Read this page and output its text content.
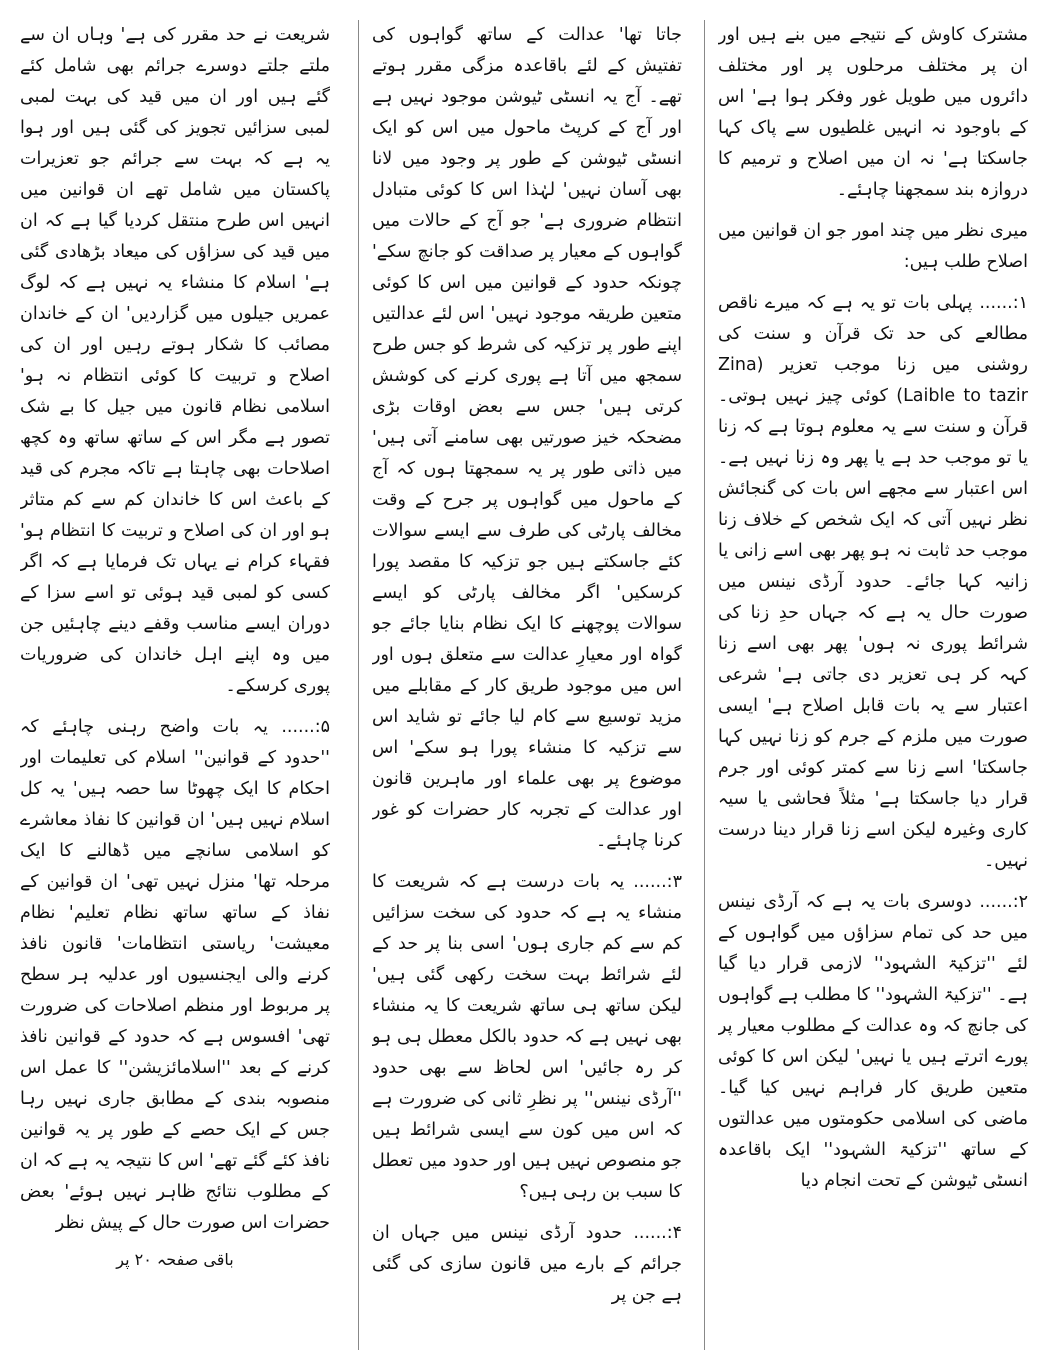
مشترک کاوش کے نتیجے میں بنے ہیں اور ان پر مختلف مرحلوں پر اور مختلف دائروں میں طویل غور وفکر ہوا ہے' اس کے باوجود نہ انہیں غلطیوں سے پاک کہا جاسکتا ہے' نہ ان میں اصلاح و ترمیم کا دروازہ بند سمجھنا چاہئے۔

میری نظر میں چند امور جو ان قوانین میں اصلاح طلب ہیں:

۱:...... پہلی بات تو یہ ہے کہ میرے ناقص مطالعے کی حد تک قرآن و سنت کی روشنی میں زنا موجب تعزیر (Zina Laible to tazir) کوئی چیز نہیں ہوتی۔ قرآن و سنت سے یہ معلوم ہوتا ہے کہ زنا یا تو موجب حد ہے یا پھر وہ زنا نہیں ہے۔ اس اعتبار سے مجھے اس بات کی گنجائش نظر نہیں آتی کہ ایک شخص کے خلاف زنا موجب حد ثابت نہ ہو پھر بھی اسے زانی یا زانیہ کہا جائے۔ حدود آرڈی نینس میں صورت حال یہ ہے کہ جہاں حدِ زنا کی شرائط پوری نہ ہوں' پھر بھی اسے زنا کہہ کر ہی تعزیر دی جاتی ہے' شرعی اعتبار سے یہ بات قابل اصلاح ہے' ایسی صورت میں ملزم کے جرم کو زنا نہیں کہا جاسکتا' اسے زنا سے کمتر کوئی اور جرم قرار دیا جاسکتا ہے' مثلاً فحاشی یا سیہ کاری وغیرہ لیکن اسے زنا قرار دینا درست نہیں۔

۲:...... دوسری بات یہ ہے کہ آرڈی نینس میں حد کی تمام سزاؤں میں گواہوں کے لئے ''تزکیۃ الشہود'' لازمی قرار دیا گیا ہے۔ ''تزکیۃ الشہود'' کا مطلب ہے گواہوں کی جانچ کہ وہ عدالت کے مطلوب معیار پر پورے اترتے ہیں یا نہیں' لیکن اس کا کوئی متعین طریق کار فراہم نہیں کیا گیا۔ ماضی کی اسلامی حکومتوں میں عدالتوں کے ساتھ ''تزکیۃ الشہود'' ایک باقاعدہ انسٹی ٹیوشن کے تحت انجام دیا

جاتا تھا' عدالت کے ساتھ گواہوں کی تفتیش کے لئے باقاعدہ مزگی مقرر ہوتے تھے۔ آج یہ انسٹی ٹیوشن موجود نہیں ہے اور آج کے کرپٹ ماحول میں اس کو ایک انسٹی ٹیوشن کے طور پر وجود میں لانا بھی آسان نہیں' لہٰذا اس کا کوئی متبادل انتظام ضروری ہے' جو آج کے حالات میں گواہوں کے معیار پر صداقت کو جانچ سکے' چونکہ حدود کے قوانین میں اس کا کوئی متعین طریقہ موجود نہیں' اس لئے عدالتیں اپنے طور پر تزکیہ کی شرط کو جس طرح سمجھ میں آتا ہے پوری کرنے کی کوشش کرتی ہیں' جس سے بعض اوقات بڑی مضحکہ خیز صورتیں بھی سامنے آتی ہیں' میں ذاتی طور پر یہ سمجھتا ہوں کہ آج کے ماحول میں گواہوں پر جرح کے وقت مخالف پارٹی کی طرف سے ایسے سوالات کئے جاسکتے ہیں جو تزکیہ کا مقصد پورا کرسکیں' اگر مخالف پارٹی کو ایسے سوالات پوچھنے کا ایک نظام بنایا جائے جو گواہ اور معیارِ عدالت سے متعلق ہوں اور اس میں موجود طریق کار کے مقابلے میں مزید توسیع سے کام لیا جائے تو شاید اس سے تزکیہ کا منشاء پورا ہو سکے' اس موضوع پر بھی علماء اور ماہرین قانون اور عدالت کے تجربہ کار حضرات کو غور کرنا چاہئے۔

۳:...... یہ بات درست ہے کہ شریعت کا منشاء یہ ہے کہ حدود کی سخت سزائیں کم سے کم جاری ہوں' اسی بنا پر حد کے لئے شرائط بہت سخت رکھی گئی ہیں' لیکن ساتھ ہی ساتھ شریعت کا یہ منشاء بھی نہیں ہے کہ حدود بالکل معطل ہی ہو کر رہ جائیں' اس لحاظ سے بھی حدود ''آرڈی نینس'' پر نظرِ ثانی کی ضرورت ہے کہ اس میں کون سے ایسی شرائط ہیں جو منصوص نہیں ہیں اور حدود میں تعطل کا سبب بن رہی ہیں؟

۴:...... حدود آرڈی نینس میں جہاں ان جرائم کے بارے میں قانون سازی کی گئی ہے جن پر

شریعت نے حد مقرر کی ہے' وہاں ان سے ملتے جلتے دوسرے جرائم بھی شامل کئے گئے ہیں اور ان میں قید کی بہت لمبی لمبی سزائیں تجویز کی گئی ہیں اور ہوا یہ ہے کہ بہت سے جرائم جو تعزیرات پاکستان میں شامل تھے ان قوانین میں انہیں اس طرح منتقل کردیا گیا ہے کہ ان میں قید کی سزاؤں کی میعاد بڑھادی گئی ہے' اسلام کا منشاء یہ نہیں ہے کہ لوگ عمریں جیلوں میں گزاردیں' ان کے خاندان مصائب کا شکار ہوتے رہیں اور ان کی اصلاح و تربیت کا کوئی انتظام نہ ہو' اسلامی نظام قانون میں جیل کا بے شک تصور ہے مگر اس کے ساتھ ساتھ وہ کچھ اصلاحات بھی چاہتا ہے تاکہ مجرم کی قید کے باعث اس کا خاندان کم سے کم متاثر ہو اور ان کی اصلاح و تربیت کا انتظام ہو' فقہاء کرام نے یہاں تک فرمایا ہے کہ اگر کسی کو لمبی قید ہوئی تو اسے سزا کے دوران ایسے مناسب وقفے دینے چاہئیں جن میں وہ اپنے اہل خاندان کی ضروریات پوری کرسکے۔

۵:...... یہ بات واضح رہنی چاہئے کہ ''حدود کے قوانین'' اسلام کی تعلیمات اور احکام کا ایک چھوٹا سا حصہ ہیں' یہ کل اسلام نہیں ہیں' ان قوانین کا نفاذ معاشرے کو اسلامی سانچے میں ڈھالنے کا ایک مرحلہ تھا' منزل نہیں تھی' ان قوانین کے نفاذ کے ساتھ ساتھ نظام تعلیم' نظام معیشت' ریاستی انتظامات' قانون نافذ کرنے والی ایجنسیوں اور عدلیہ ہر سطح پر مربوط اور منظم اصلاحات کی ضرورت تھی' افسوس ہے کہ حدود کے قوانین نافذ کرنے کے بعد ''اسلامائزیشن'' کا عمل اس منصوبہ بندی کے مطابق جاری نہیں رہا جس کے ایک حصے کے طور پر یہ قوانین نافذ کئے گئے تھے' اس کا نتیجہ یہ ہے کہ ان کے مطلوب نتائج ظاہر نہیں ہوئے' بعض حضرات اس صورت حال کے پیش نظر

باقی صفحہ ۲۰ پر
